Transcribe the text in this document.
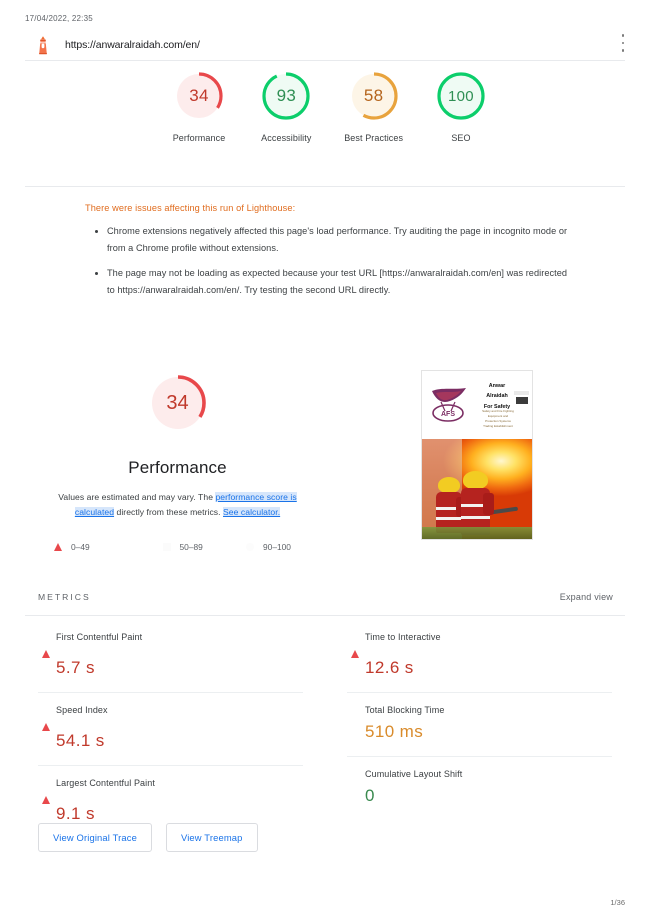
17/04/2022, 22:35
https://anwaralraidah.com/en/
34
Performance
93
Accessibility
58
Best Practices
100
SEO
There were issues affecting this run of Lighthouse:
• Chrome extensions negatively affected this page's load performance. Try auditing the page in incognito mode or from a Chrome profile without extensions.
• The page may not be loading as expected because your test URL [https://anwaralraidah.com/en] was redirected to https://anwaralraidah.com/en/. Try testing the second URL directly.
34
Performance
Values are estimated and may vary. The performance score is calculated directly from these metrics. See calculator.
0–49	50–89	90–100
AFS
Anwar
Alraidah
For Safety
Safety and Fire Fighting
Equipment and
Protection Systems
Trading Establishment
METRICS	Expand view
First Contentful Paint
5.7 s
Speed Index
54.1 s
Largest Contentful Paint
9.1 s
Time to Interactive
12.6 s
Total Blocking Time
510 ms
Cumulative Layout Shift
0
View Original Trace	View Treemap
1/36
